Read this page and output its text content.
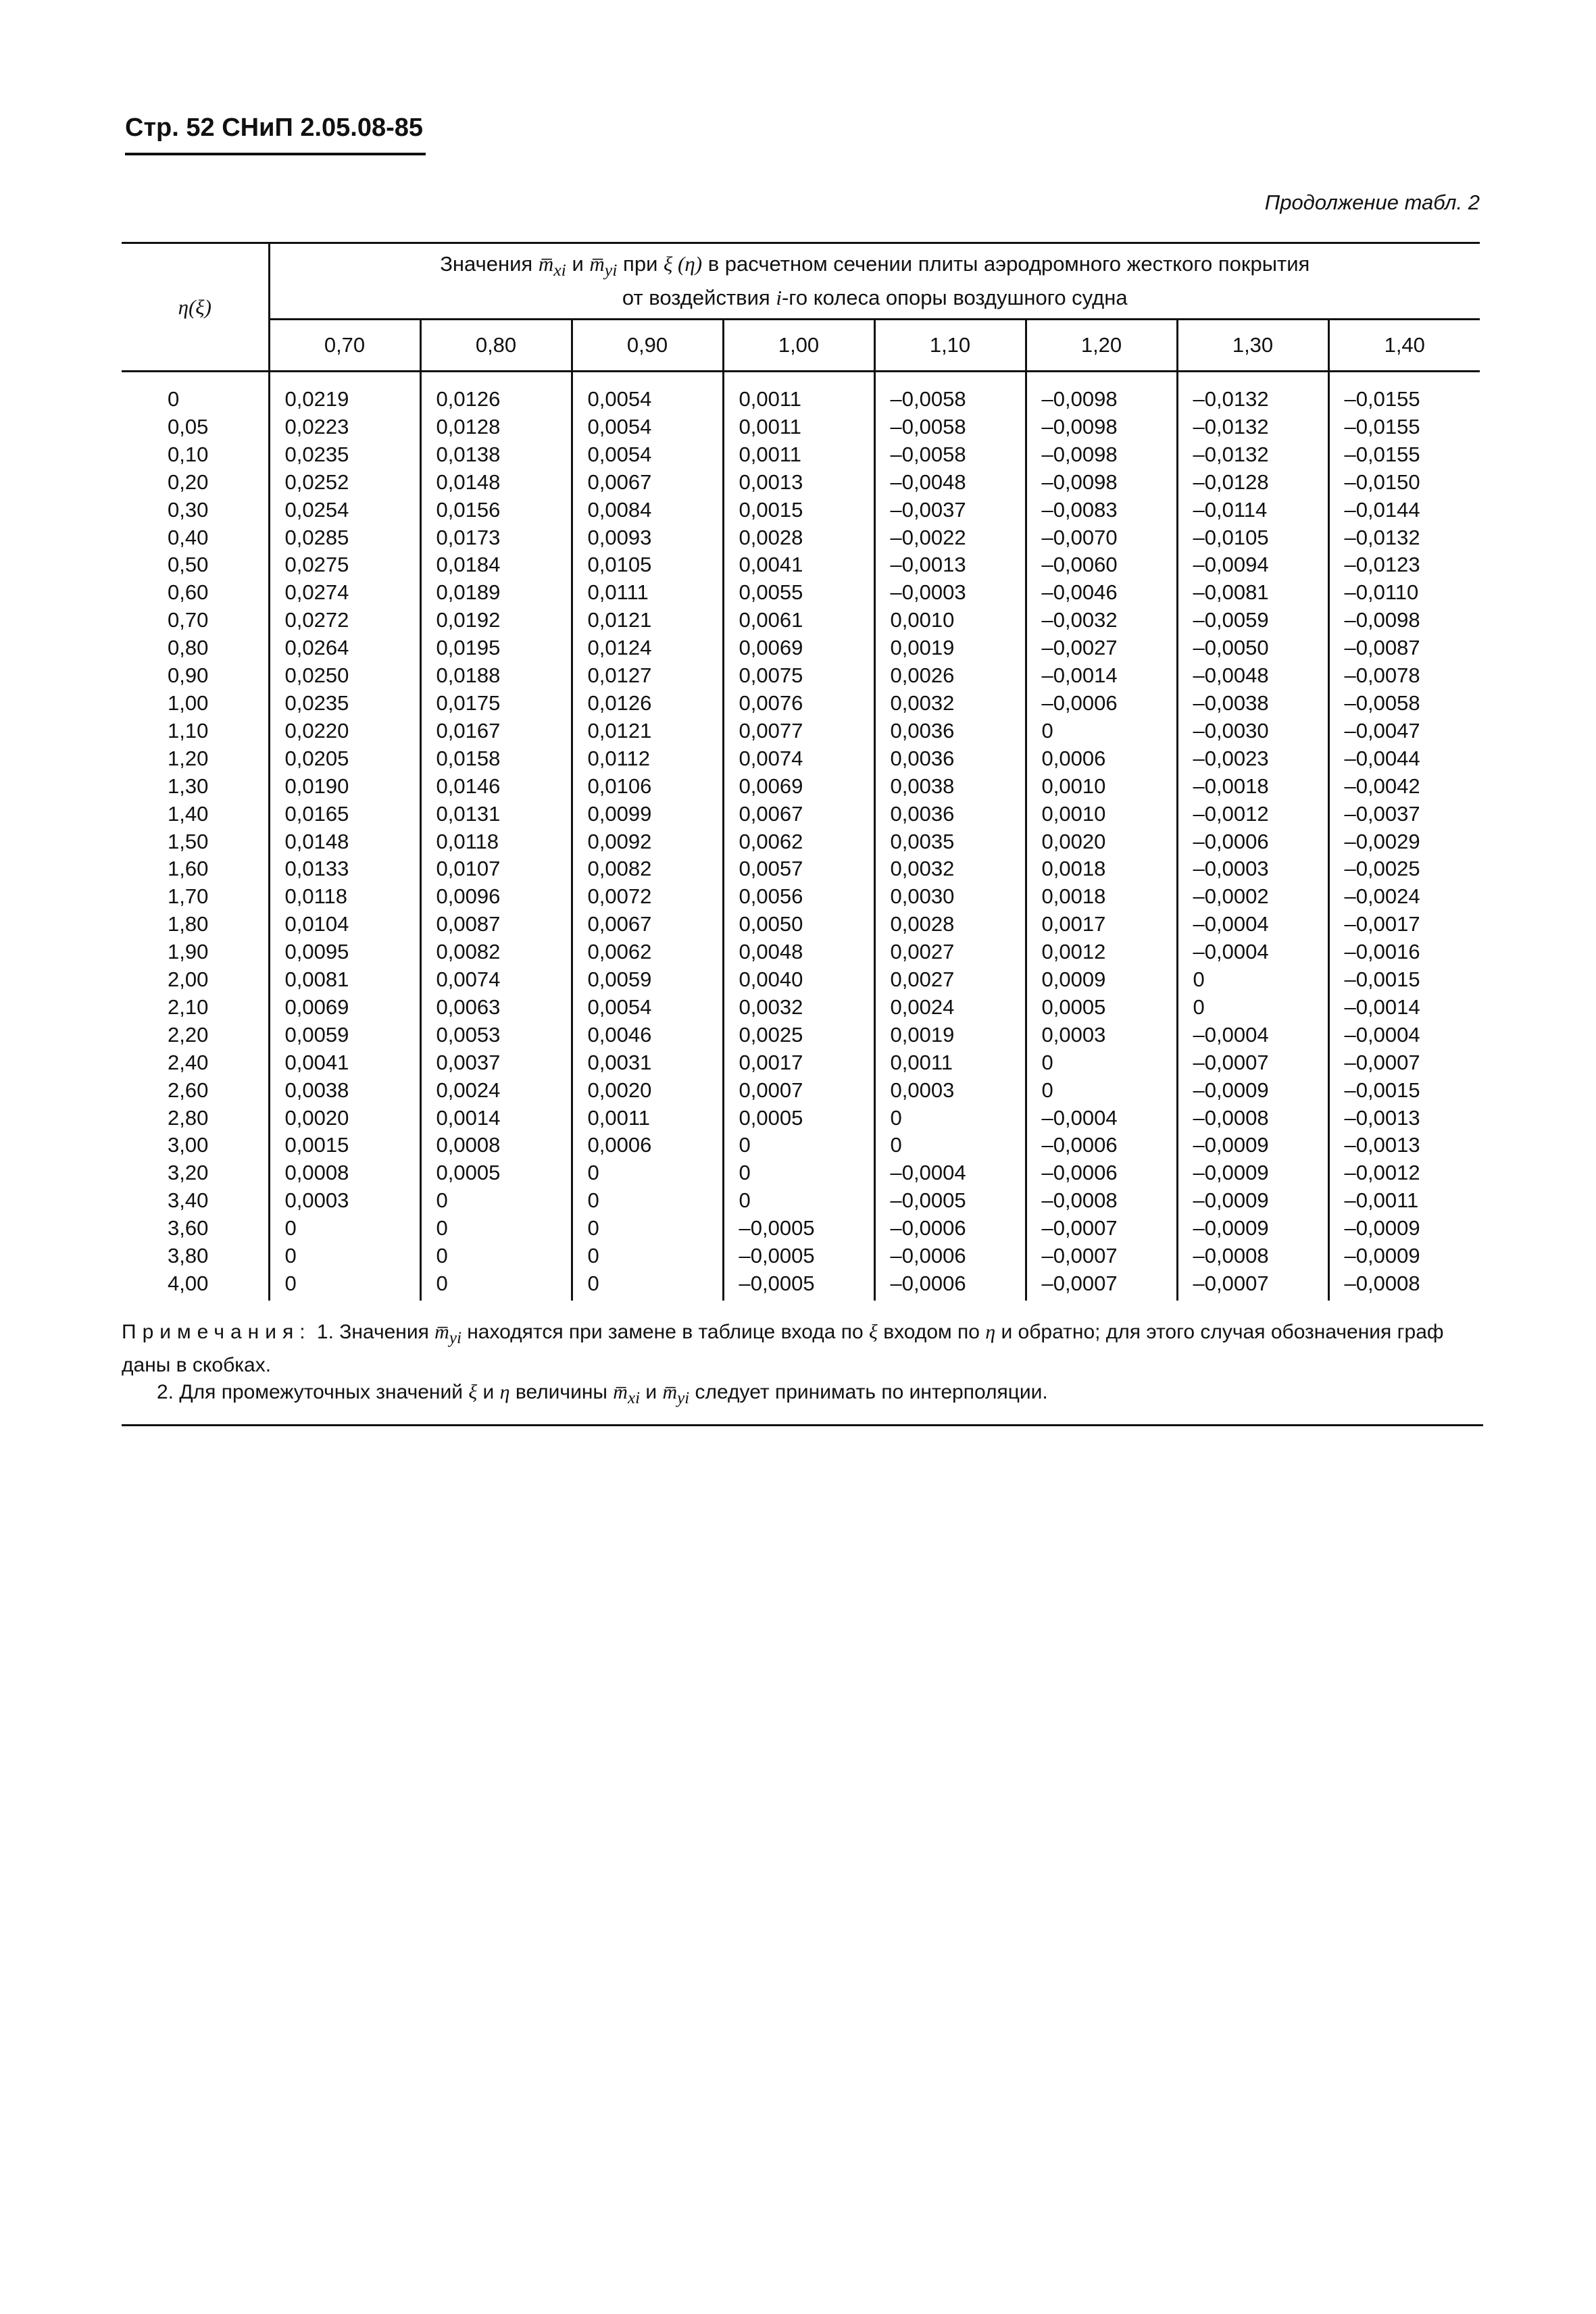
Стр. 52 СНиП 2.05.08-85
Продолжение табл. 2
η(ξ)	Значения $m̅_{xi}$ и $m̅_{yi}$ при ξ (η) в расчетном сечении плиты аэродромного жесткого покрытия
от воздействия i-го колеса опоры воздушного судна							
	0,70	0,80	0,90	1,00	1,10	1,20	1,30	1,40
0	0,0219	0,0126	0,0054	0,0011	–0,0058	–0,0098	–0,0132	–0,0155
0,05	0,0223	0,0128	0,0054	0,0011	–0,0058	–0,0098	–0,0132	–0,0155
0,10	0,0235	0,0138	0,0054	0,0011	–0,0058	–0,0098	–0,0132	–0,0155
0,20	0,0252	0,0148	0,0067	0,0013	–0,0048	–0,0098	–0,0128	–0,0150
0,30	0,0254	0,0156	0,0084	0,0015	–0,0037	–0,0083	–0,0114	–0,0144
0,40	0,0285	0,0173	0,0093	0,0028	–0,0022	–0,0070	–0,0105	–0,0132
0,50	0,0275	0,0184	0,0105	0,0041	–0,0013	–0,0060	–0,0094	–0,0123
0,60	0,0274	0,0189	0,0111	0,0055	–0,0003	–0,0046	–0,0081	–0,0110
0,70	0,0272	0,0192	0,0121	0,0061	0,0010	–0,0032	–0,0059	–0,0098
0,80	0,0264	0,0195	0,0124	0,0069	0,0019	–0,0027	–0,0050	–0,0087
0,90	0,0250	0,0188	0,0127	0,0075	0,0026	–0,0014	–0,0048	–0,0078
1,00	0,0235	0,0175	0,0126	0,0076	0,0032	–0,0006	–0,0038	–0,0058
1,10	0,0220	0,0167	0,0121	0,0077	0,0036	0	–0,0030	–0,0047
1,20	0,0205	0,0158	0,0112	0,0074	0,0036	0,0006	–0,0023	–0,0044
1,30	0,0190	0,0146	0,0106	0,0069	0,0038	0,0010	–0,0018	–0,0042
1,40	0,0165	0,0131	0,0099	0,0067	0,0036	0,0010	–0,0012	–0,0037
1,50	0,0148	0,0118	0,0092	0,0062	0,0035	0,0020	–0,0006	–0,0029
1,60	0,0133	0,0107	0,0082	0,0057	0,0032	0,0018	–0,0003	–0,0025
1,70	0,0118	0,0096	0,0072	0,0056	0,0030	0,0018	–0,0002	–0,0024
1,80	0,0104	0,0087	0,0067	0,0050	0,0028	0,0017	–0,0004	–0,0017
1,90	0,0095	0,0082	0,0062	0,0048	0,0027	0,0012	–0,0004	–0,0016
2,00	0,0081	0,0074	0,0059	0,0040	0,0027	0,0009	0	–0,0015
2,10	0,0069	0,0063	0,0054	0,0032	0,0024	0,0005	0	–0,0014
2,20	0,0059	0,0053	0,0046	0,0025	0,0019	0,0003	–0,0004	–0,0004
2,40	0,0041	0,0037	0,0031	0,0017	0,0011	0	–0,0007	–0,0007
2,60	0,0038	0,0024	0,0020	0,0007	0,0003	0	–0,0009	–0,0015
2,80	0,0020	0,0014	0,0011	0,0005	0	–0,0004	–0,0008	–0,0013
3,00	0,0015	0,0008	0,0006	0	0	–0,0006	–0,0009	–0,0013
3,20	0,0008	0,0005	0	0	–0,0004	–0,0006	–0,0009	–0,0012
3,40	0,0003	0	0	0	–0,0005	–0,0008	–0,0009	–0,0011
3,60	0	0	0	–0,0005	–0,0006	–0,0007	–0,0009	–0,0009
3,80	0	0	0	–0,0005	–0,0006	–0,0007	–0,0008	–0,0009
4,00	0	0	0	–0,0005	–0,0006	–0,0007	–0,0007	–0,0008

Примечания: 1. Значения $m̅_{yi}$ находятся при замене в таблице входа по ξ входом по η и обратно; для этого случая обозначения граф даны в скобках.

2. Для промежуточных значений ξ и η величины $m̅_{xi}$ и $m̅_{yi}$ следует принимать по интерполяции.
